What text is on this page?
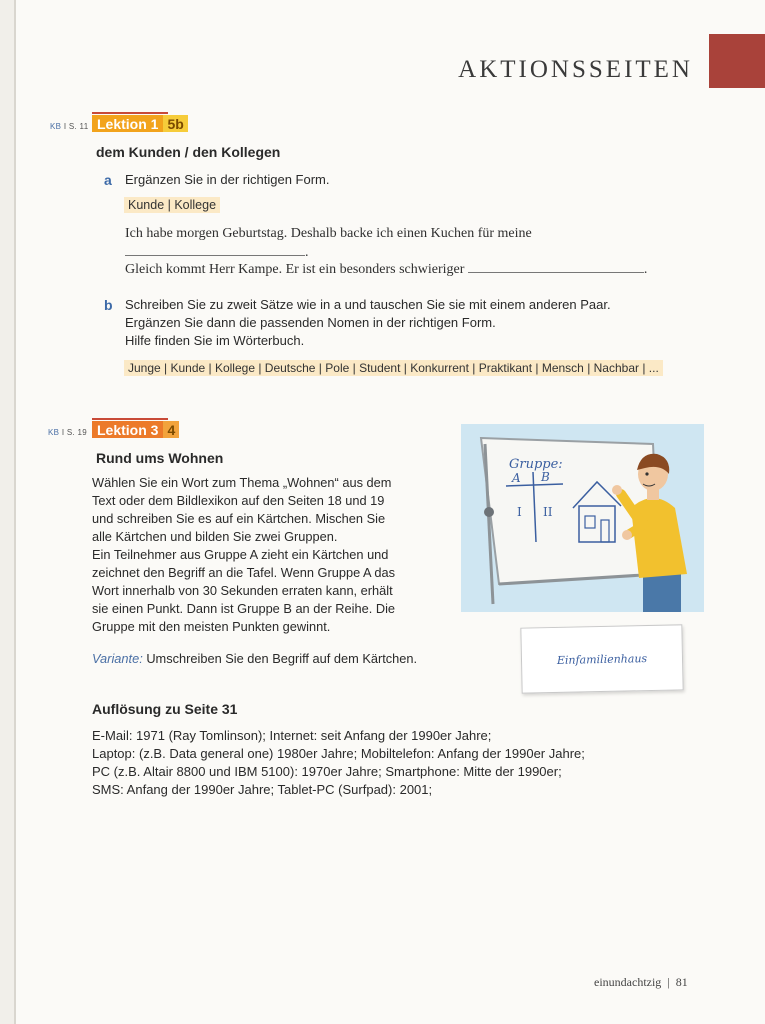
AKTIONSSEITEN
KB I S. 11 Lektion 1 5b
dem Kunden / den Kollegen
a Ergänzen Sie in der richtigen Form.
Kunde | Kollege
Ich habe morgen Geburtstag. Deshalb backe ich einen Kuchen für meine
.
Gleich kommt Herr Kampe. Er ist ein besonders schwieriger	.
b Schreiben Sie zu zweit Sätze wie in a und tauschen Sie sie mit einem anderen Paar.
Ergänzen Sie dann die passenden Nomen in der richtigen Form.
Hilfe finden Sie im Wörterbuch.
Junge | Kunde | Kollege | Deutsche | Pole | Student | Konkurrent | Praktikant | Mensch | Nachbar | ...
KB I S. 19 Lektion 3 4
Rund ums Wohnen
Wählen Sie ein Wort zum Thema „Wohnen“ aus dem
Text oder dem Bildlexikon auf den Seiten 18 und 19
und schreiben Sie es auf ein Kärtchen. Mischen Sie
alle Kärtchen und bilden Sie zwei Gruppen.
Ein Teilnehmer aus Gruppe A zieht ein Kärtchen und
zeichnet den Begriff an die Tafel. Wenn Gruppe A das
Wort innerhalb von 30 Sekunden erraten kann, erhält
sie einen Punkt. Dann ist Gruppe B an der Reihe. Die
Gruppe mit den meisten Punkten gewinnt.
Variante: Umschreiben Sie den Begriff auf dem Kärtchen.
Gruppe:
A B
I II
Einfamilienhaus
Auflösung zu Seite 31
E-Mail: 1971 (Ray Tomlinson); Internet: seit Anfang der 1990er Jahre;
Laptop: (z.B. Data general one) 1980er Jahre; Mobiltelefon: Anfang der 1990er Jahre;
PC (z.B. Altair 8800 und IBM 5100): 1970er Jahre; Smartphone: Mitte der 1990er;
SMS: Anfang der 1990er Jahre; Tablet-PC (Surfpad): 2001;
einundachtzig | 81
